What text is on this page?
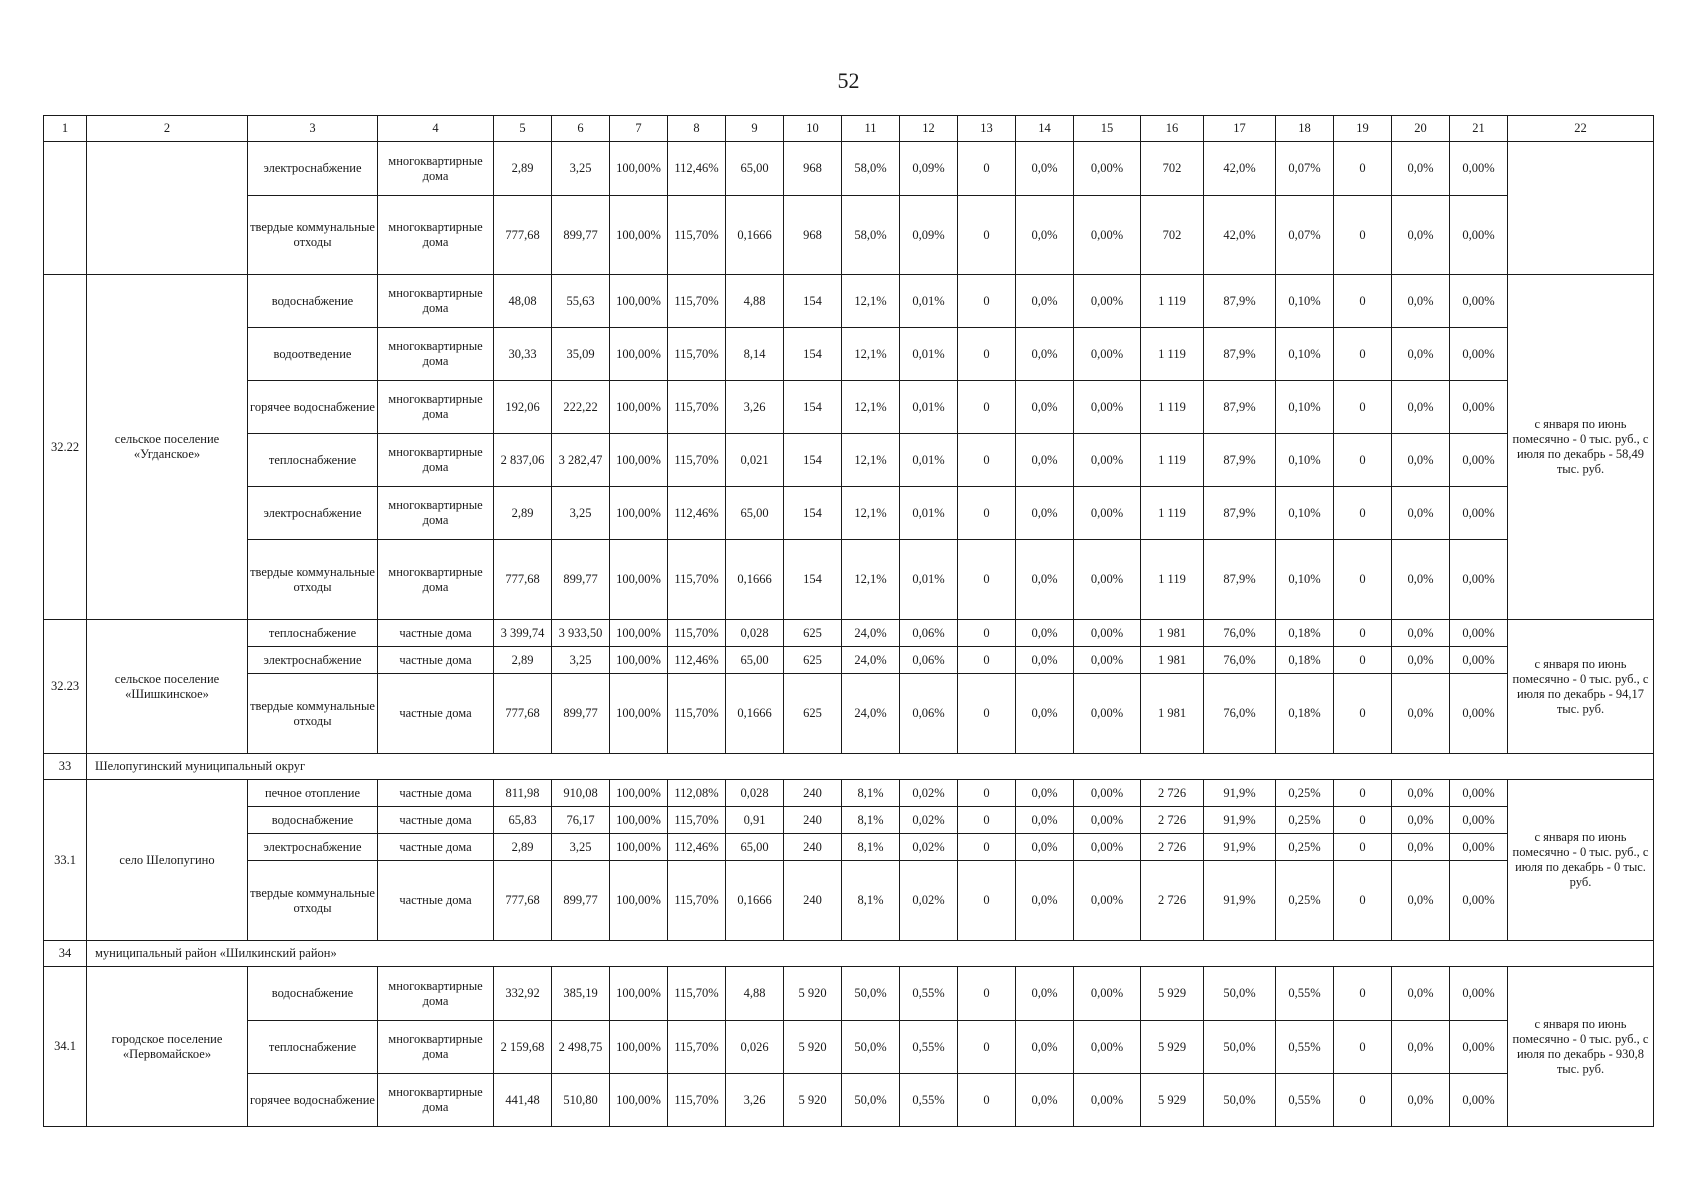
52
1	2	3	4	5	6	7	8	9	10	11	12	13	14	15	16	17	18	19	20	21	22
		электроснабжение	многоквартирные дома	2,89	3,25	100,00%	112,46%	65,00	968	58,0%	0,09%	0	0,0%	0,00%	702	42,0%	0,07%	0	0,0%	0,00%	
		твердые коммунальные отходы	многоквартирные дома	777,68	899,77	100,00%	115,70%	0,1666	968	58,0%	0,09%	0	0,0%	0,00%	702	42,0%	0,07%	0	0,0%	0,00%	
32.22	сельское поселение «Угданское»	водоснабжение	многоквартирные дома	48,08	55,63	100,00%	115,70%	4,88	154	12,1%	0,01%	0	0,0%	0,00%	1 119	87,9%	0,10%	0	0,0%	0,00%	с января по июнь помесячно - 0 тыс. руб., с июля по декабрь - 58,49 тыс. руб.
		водоотведение	многоквартирные дома	30,33	35,09	100,00%	115,70%	8,14	154	12,1%	0,01%	0	0,0%	0,00%	1 119	87,9%	0,10%	0	0,0%	0,00%	
		горячее водоснабжение	многоквартирные дома	192,06	222,22	100,00%	115,70%	3,26	154	12,1%	0,01%	0	0,0%	0,00%	1 119	87,9%	0,10%	0	0,0%	0,00%	
		теплоснабжение	многоквартирные дома	2 837,06	3 282,47	100,00%	115,70%	0,021	154	12,1%	0,01%	0	0,0%	0,00%	1 119	87,9%	0,10%	0	0,0%	0,00%	
		электроснабжение	многоквартирные дома	2,89	3,25	100,00%	112,46%	65,00	154	12,1%	0,01%	0	0,0%	0,00%	1 119	87,9%	0,10%	0	0,0%	0,00%	
		твердые коммунальные отходы	многоквартирные дома	777,68	899,77	100,00%	115,70%	0,1666	154	12,1%	0,01%	0	0,0%	0,00%	1 119	87,9%	0,10%	0	0,0%	0,00%	
32.23	сельское поселение «Шишкинское»	теплоснабжение	частные дома	3 399,74	3 933,50	100,00%	115,70%	0,028	625	24,0%	0,06%	0	0,0%	0,00%	1 981	76,0%	0,18%	0	0,0%	0,00%	с января по июнь помесячно - 0 тыс. руб., с июля по декабрь - 94,17 тыс. руб.
		электроснабжение	частные дома	2,89	3,25	100,00%	112,46%	65,00	625	24,0%	0,06%	0	0,0%	0,00%	1 981	76,0%	0,18%	0	0,0%	0,00%	
		твердые коммунальные отходы	частные дома	777,68	899,77	100,00%	115,70%	0,1666	625	24,0%	0,06%	0	0,0%	0,00%	1 981	76,0%	0,18%	0	0,0%	0,00%	
33	Шелопугинский муниципальный округ																				
33.1	село Шелопугино	печное отопление	частные дома	811,98	910,08	100,00%	112,08%	0,028	240	8,1%	0,02%	0	0,0%	0,00%	2 726	91,9%	0,25%	0	0,0%	0,00%	с января по июнь помесячно - 0 тыс. руб., с июля по декабрь - 0 тыс. руб.
		водоснабжение	частные дома	65,83	76,17	100,00%	115,70%	0,91	240	8,1%	0,02%	0	0,0%	0,00%	2 726	91,9%	0,25%	0	0,0%	0,00%	
		электроснабжение	частные дома	2,89	3,25	100,00%	112,46%	65,00	240	8,1%	0,02%	0	0,0%	0,00%	2 726	91,9%	0,25%	0	0,0%	0,00%	
		твердые коммунальные отходы	частные дома	777,68	899,77	100,00%	115,70%	0,1666	240	8,1%	0,02%	0	0,0%	0,00%	2 726	91,9%	0,25%	0	0,0%	0,00%	
34	муниципальный район «Шилкинский район»																				
34.1	городское поселение «Первомайское»	водоснабжение	многоквартирные дома	332,92	385,19	100,00%	115,70%	4,88	5 920	50,0%	0,55%	0	0,0%	0,00%	5 929	50,0%	0,55%	0	0,0%	0,00%	с января по июнь помесячно - 0 тыс. руб., с июля по декабрь - 930,8 тыс. руб.
		теплоснабжение	многоквартирные дома	2 159,68	2 498,75	100,00%	115,70%	0,026	5 920	50,0%	0,55%	0	0,0%	0,00%	5 929	50,0%	0,55%	0	0,0%	0,00%	
		горячее водоснабжение	многоквартирные дома	441,48	510,80	100,00%	115,70%	3,26	5 920	50,0%	0,55%	0	0,0%	0,00%	5 929	50,0%	0,55%	0	0,0%	0,00%	
